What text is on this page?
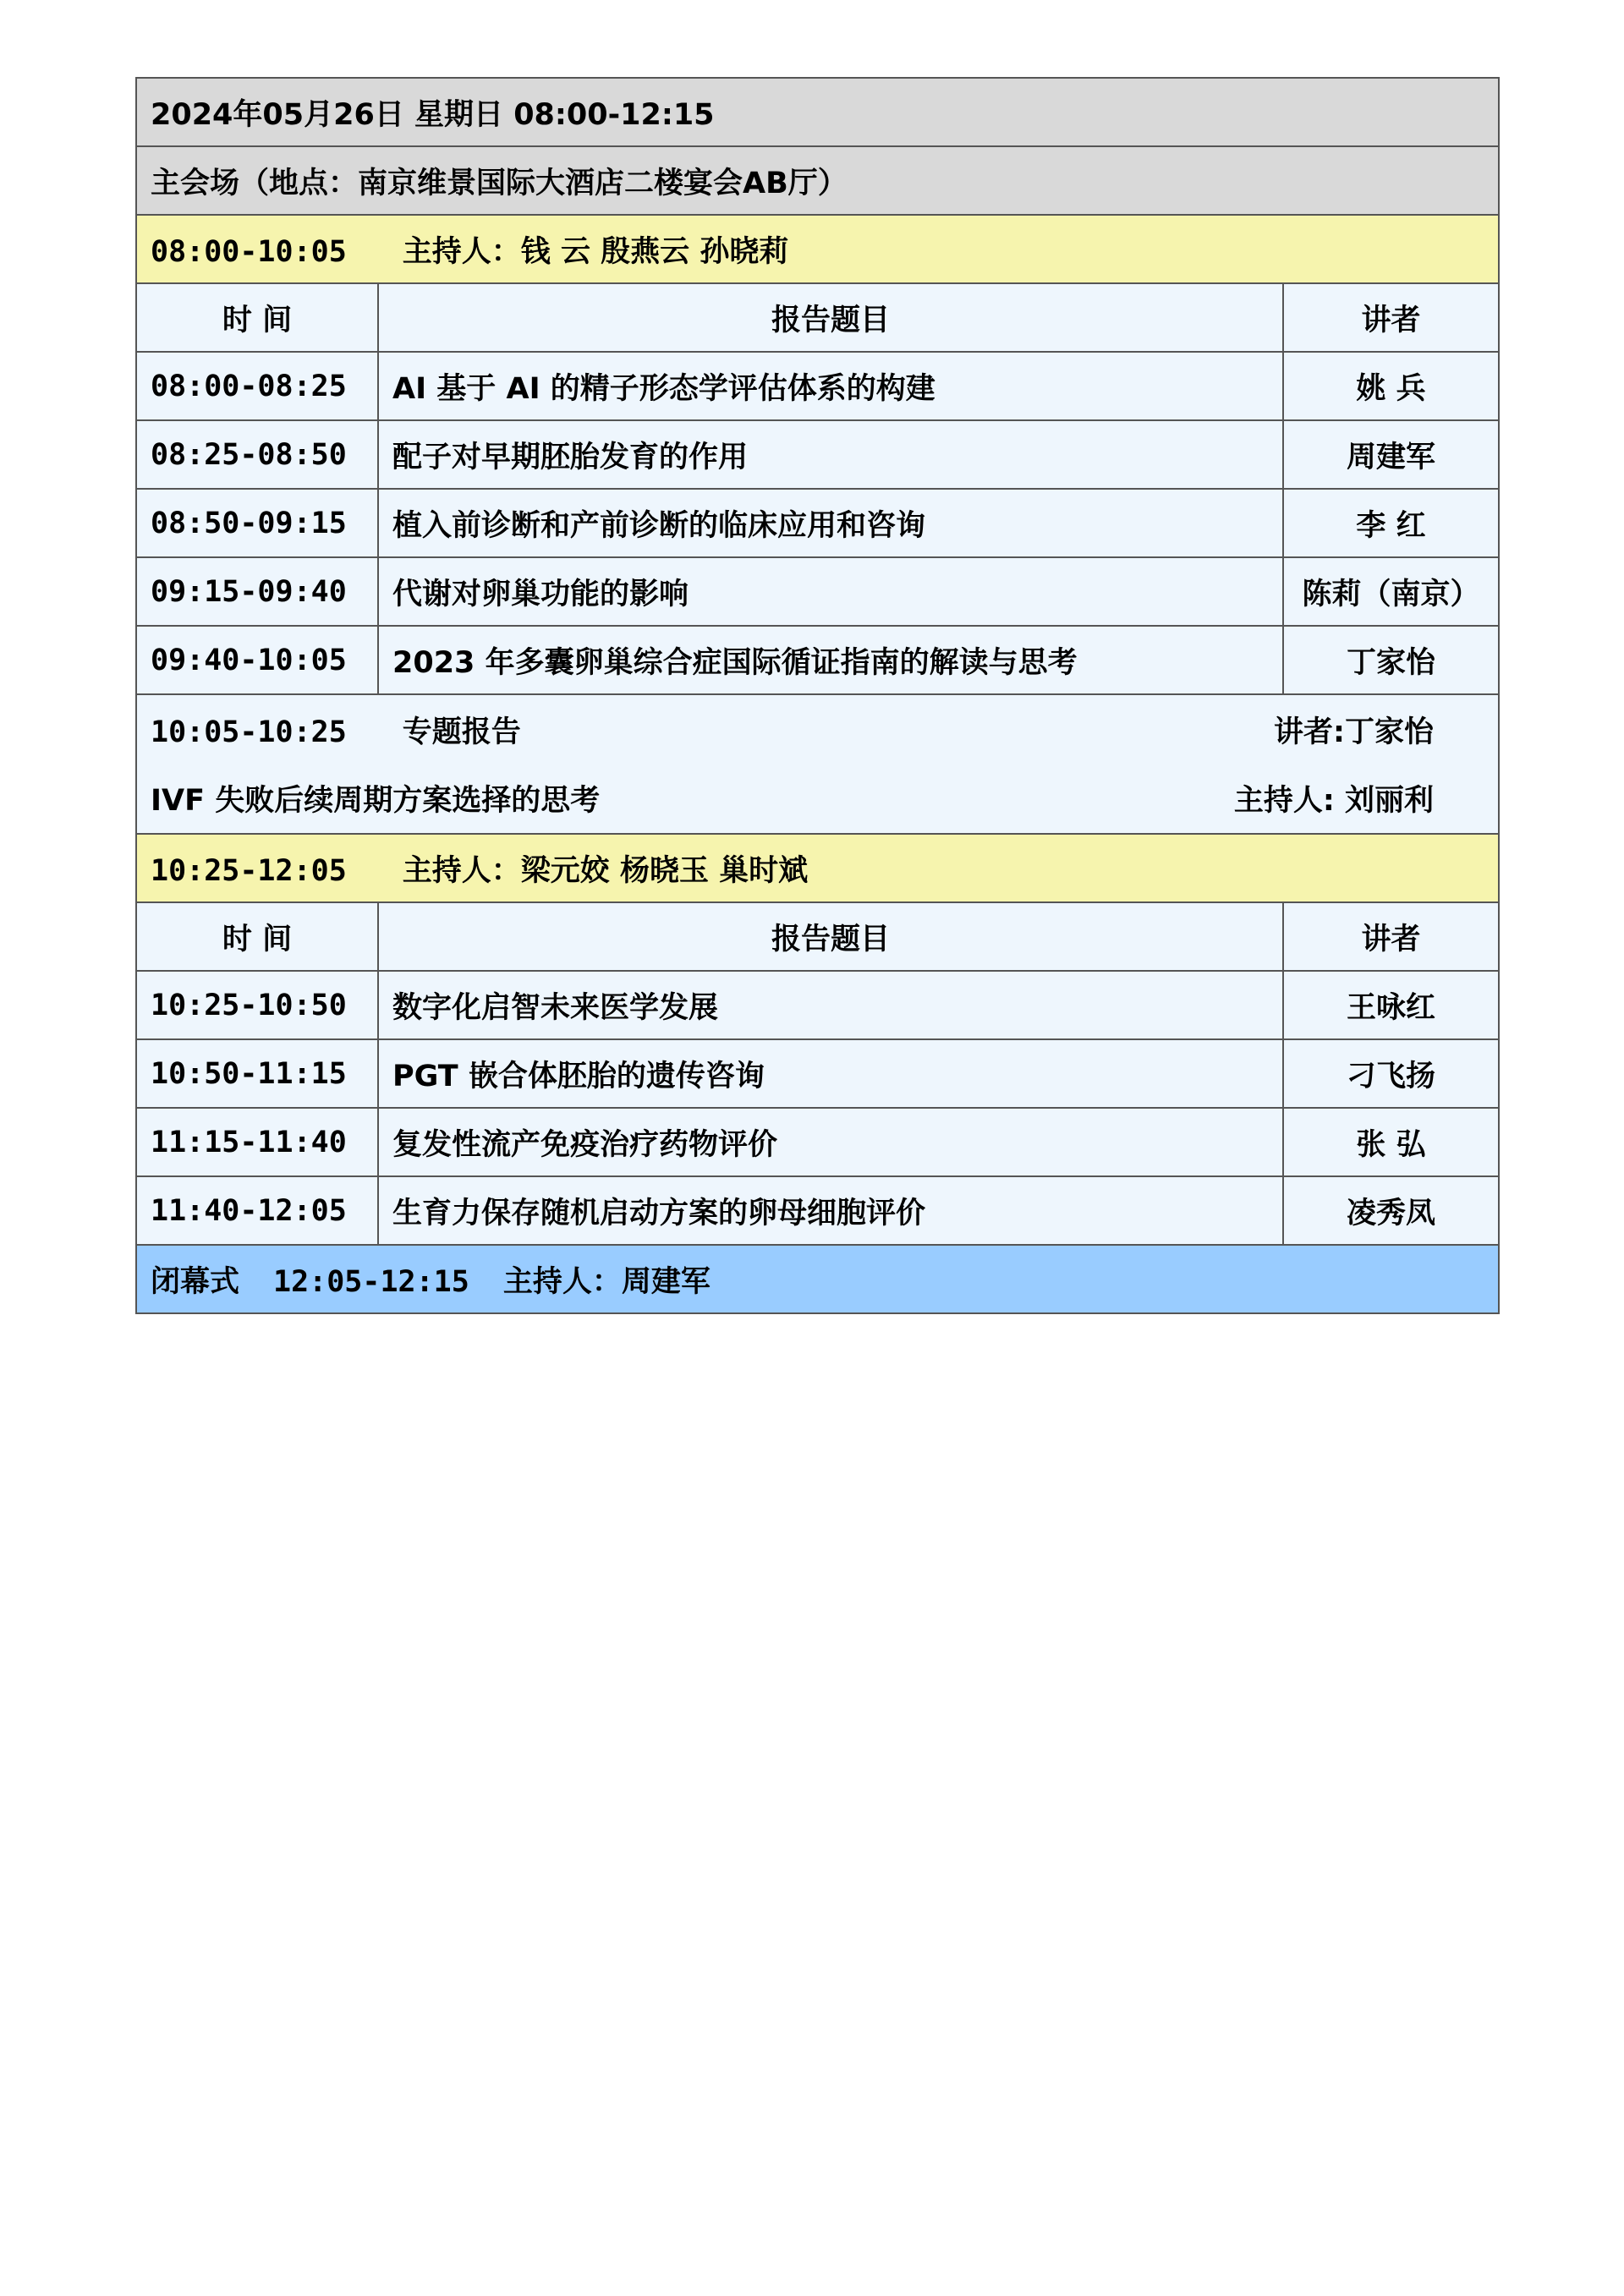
2024年05月26日 星期日 08:00-12:15		
主会场（地点：南京维景国际大酒店二楼宴会AB厅）		
08:00-10:05 主持人：钱 云 殷燕云 孙晓莉		
时 间	报告题目	讲者
08:00-08:25	AI 基于 AI 的精子形态学评估体系的构建	姚 兵
08:25-08:50	配子对早期胚胎发育的作用	周建军
08:50-09:15	植入前诊断和产前诊断的临床应用和咨询	李 红
09:15-09:40	代谢对卵巢功能的影响	陈莉（南京）
09:40-10:05	2023 年多囊卵巢综合症国际循证指南的解读与思考	丁家怡

10:05-10:25 专题报告 讲者:丁家怡
IVF 失败后续周期方案选择的思考 主持人: 刘丽利		

10:25-12:05 主持人：梁元姣 杨晓玉 巢时斌		
时 间	报告题目	讲者
10:25-10:50	数字化启智未来医学发展	王咏红
10:50-11:15	PGT 嵌合体胚胎的遗传咨询	刁飞扬
11:15-11:40	复发性流产免疫治疗药物评价	张 弘
11:40-12:05	生育力保存随机启动方案的卵母细胞评价	凌秀凤
闭幕式 12:05-12:15 主持人：周建军		
